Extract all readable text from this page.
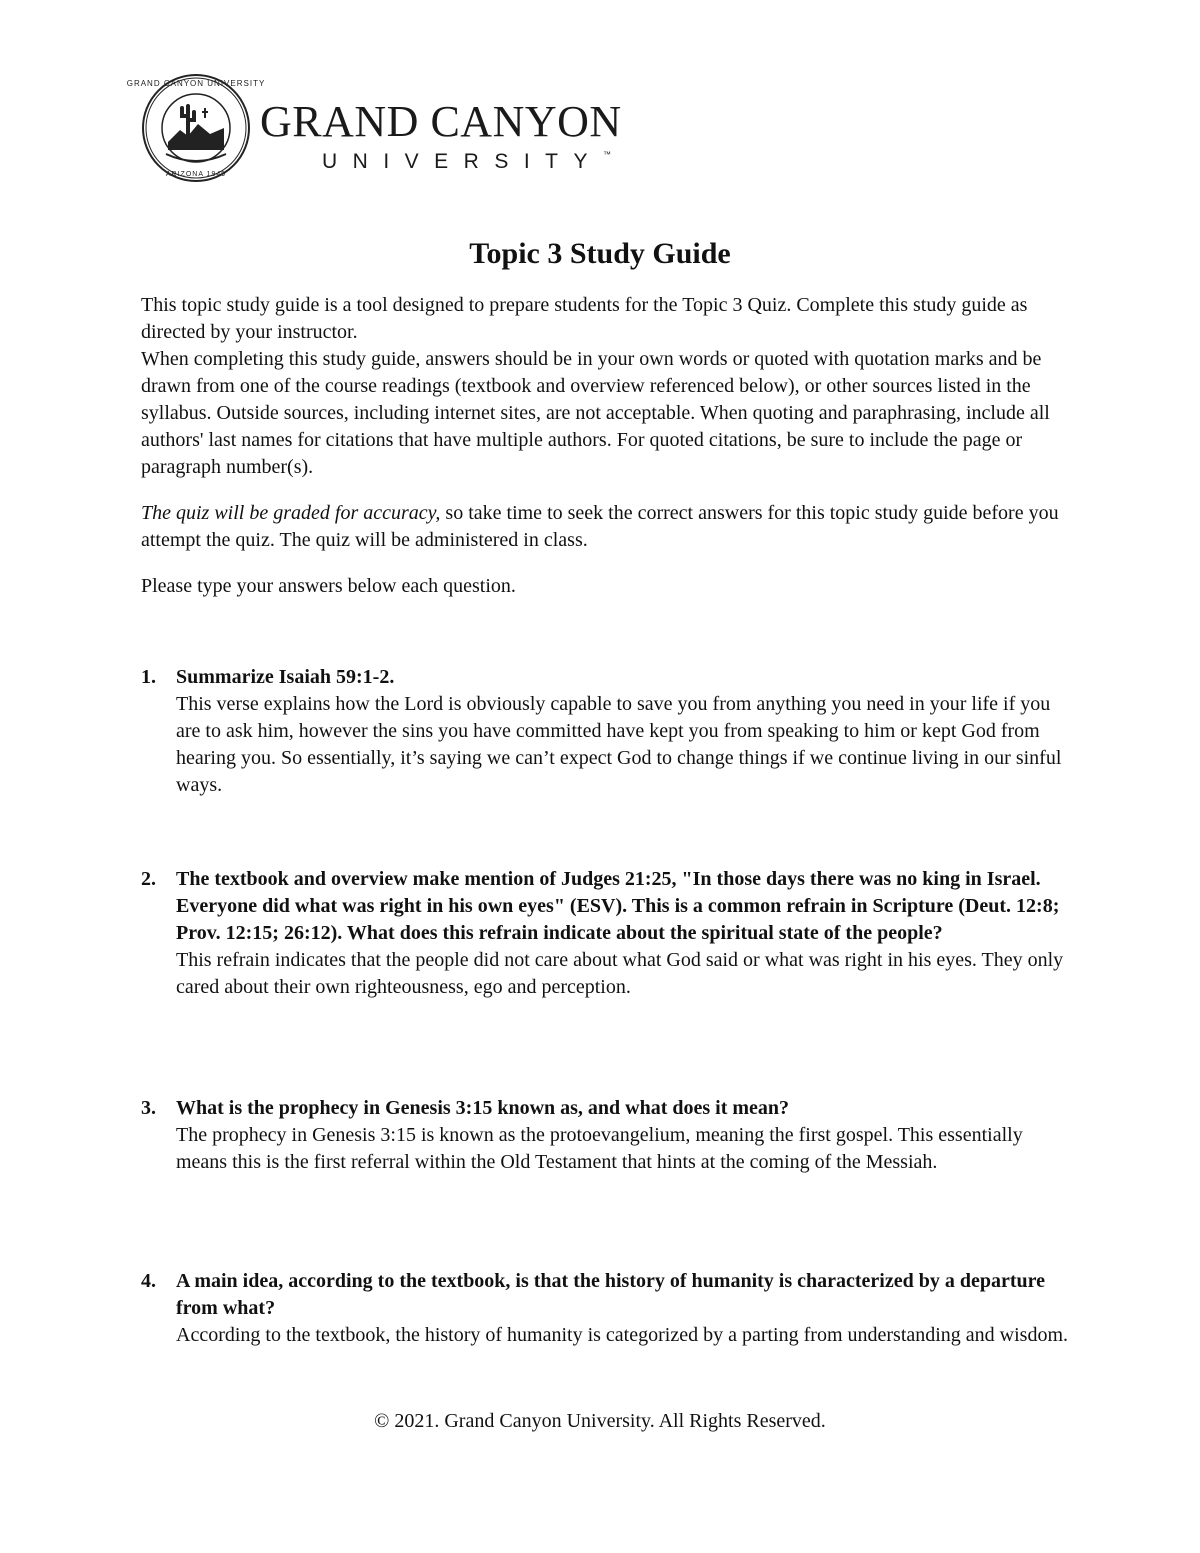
GRAND CANYON UNIVERSITY
ARIZONA 1949
GRAND CANYON
UNIVERSITY™
Topic 3 Study Guide

This topic study guide is a tool designed to prepare students for the Topic 3 Quiz. Complete this study guide as directed by your instructor.

When completing this study guide, answers should be in your own words or quoted with quotation marks and be drawn from one of the course readings (textbook and overview referenced below), or other sources listed in the syllabus. Outside sources, including internet sites, are not acceptable. When quoting and paraphrasing, include all authors' last names for citations that have multiple authors. For quoted citations, be sure to include the page or paragraph number(s).

The quiz will be graded for accuracy, so take time to seek the correct answers for this topic study guide before you attempt the quiz. The quiz will be administered in class.

Please type your answers below each question.

1. Summarize Isaiah 59:1-2.

This verse explains how the Lord is obviously capable to save you from anything you need in your life if you are to ask him, however the sins you have committed have kept you from speaking to him or kept God from hearing you. So essentially, it’s saying we can’t expect God to change things if we continue living in our sinful ways.

2. The textbook and overview make mention of Judges 21:25, "In those days there was no king in Israel. Everyone did what was right in his own eyes" (ESV). This is a common refrain in Scripture (Deut. 12:8; Prov. 12:15; 26:12). What does this refrain indicate about the spiritual state of the people?

This refrain indicates that the people did not care about what God said or what was right in his eyes. They only cared about their own righteousness, ego and perception.

3. What is the prophecy in Genesis 3:15 known as, and what does it mean?

The prophecy in Genesis 3:15 is known as the protoevangelium, meaning the first gospel. This essentially means this is the first referral within the Old Testament that hints at the coming of the Messiah.

4. A main idea, according to the textbook, is that the history of humanity is characterized by a departure from what?

According to the textbook, the history of humanity is categorized by a parting from understanding and wisdom.

© 2021. Grand Canyon University. All Rights Reserved.
